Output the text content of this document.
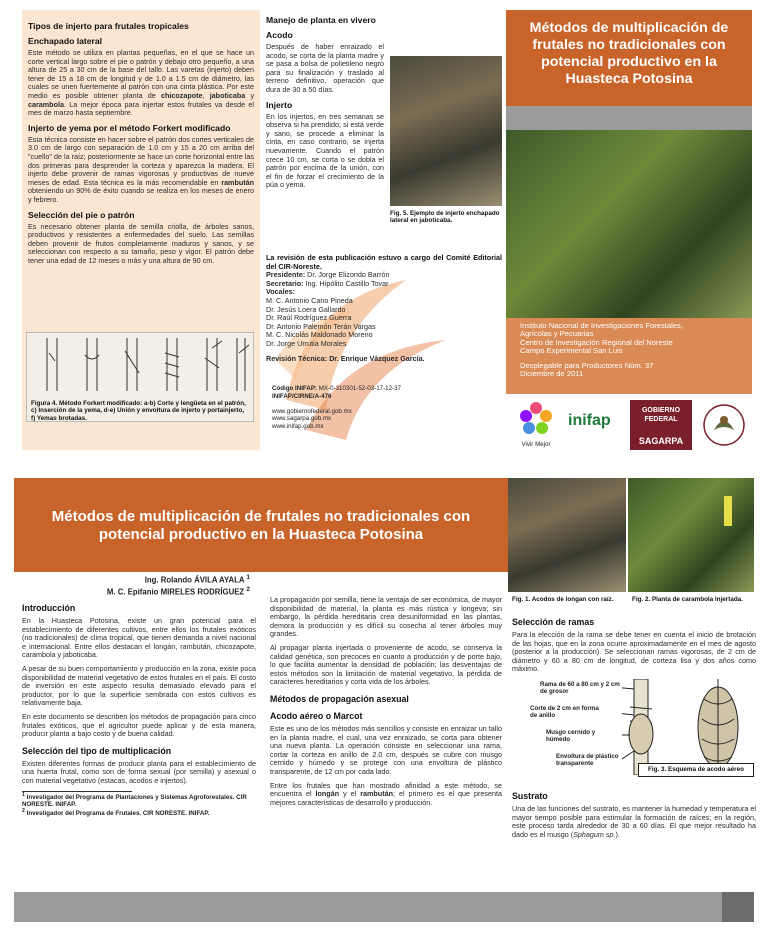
Tipos de injerto para frutales tropicales
Enchapado lateral

Este método se utiliza en plantas pequeñas, en el que se hace un corte vertical largo sobre el pie o patrón y debajo otro pequeño, a una altura de 25 a 30 cm de la base del tallo. Las varetas (injerto) deben tener de 15 a 18 cm de longitud y de 1.0 a 1.5 cm de diámetro, las cuales se unen fuertemente al patrón con una cinta plástica. Por este medio es posible obtener planta de chicozapote, jaboticaba y carambola. La mejor época para injertar estos frutales va desde el mes de marzo hasta septiembre.

Injerto de yema por el método Forkert modificado

Esta técnica consiste en hacer sobre el patrón dos cortes verticales de 3.0 cm de largo con separación de 1.0 cm y 15 a 20 cm arriba del "cuello" de la raíz; posteriormente se hace un corte horizontal entre las dos primeras para desprender la corteza y aparezca la madera. El injerto debe provenir de ramas vigorosas y productivas de nueve meses de edad. Esta técnica es la más recomendable en rambután obteniendo un 90% de éxito cuando se realiza en los meses de enero y febrero.

Selección del pie o patrón

Es necesario obtener planta de semilla criolla, de árboles sanos, productivos y resistentes a enfermedades del suelo. Las semillas deben provenir de frutos completamente maduros y sanos, y se seleccionan con respecto a su tamaño, peso y vigor. El patrón debe tener una edad de 12 meses o más y una altura de 90 cm.

Figura 4. Método Forkert modificado: a-b) Corte y lengüeta en el patrón, c) Inserción de la yema, d-e) Unión y envoltura de injerto y portainjerto, f) Yemas brotadas.

Manejo de planta en vivero
Acodo

Después de haber enraizado el acodo, se corta de la planta madre y se pasa a bolsa de polietileno negro para su finalización y traslado al terreno definitivo, operación que dura de 30 a 50 días.

Injerto

En los injertos, en tres semanas se observa si ha prendido; si está verde y sano, se procede a eliminar la cinta, en caso contrario, se injerta nuevamente. Cuando el patrón crece 10 cm, se corta o se dobla el patrón por encima de la unión, con el fin de forzar el crecimiento de la púa o yema.

Fig. 5. Ejemplo de injerto enchapado lateral en jaboticaba.

La revisión de esta publicación estuvo a cargo del Comité Editorial del CIR-Noreste.

Presidente: Dr. Jorge Elizondo Barrón

Secretario: Ing. Hipólito Castillo Tovar

Vocales:

M. C. Antonio Cano Pineda

Dr. Jesús Loera Gallardo

Dr. Raúl Rodríguez Guerra

Dr. Antonio Palemón Terán Vargas

M. C. Nicolás Maldonado Moreno

Dr. Jorge Urrutia Morales

Revisión Técnica: Dr. Enrique Vázquez García.

Código INIFAP: MX-0-310301-52-03-17-12-37

INIFAP/CIRNE/A-476

www.gobiernofederal.gob.mx

www.sagarpa.gob.mx

www.inifap.gob.mx

Métodos de multiplicación de frutales no tradicionales con potencial productivo en la Huasteca Potosina

Instituto Nacional de Investigaciones Forestales,

Agrícolas y Pecuarias

Centro de Investigación Regional del Noreste

Campo Experimental San Luis

Desplegable para Productores Núm. 37

Diciembre de 2011

Vivir Mejor

inifap

GOBIERNO FEDERAL

SAGARPA

Métodos de multiplicación de frutales no tradicionales con potencial productivo en la Huasteca Potosina

Fig. 1. Acodos de longan con raíz.	Fig. 2. Planta de carambola injertada.

Ing. Rolando ÁVILA AYALA $^1$

M. C. Epifanio MIRELES RODRÍGUEZ $^2$

Introducción

En la Huasteca Potosina, existe un gran potencial para el establecimiento de diferentes cultivos, entre ellos los frutales exóticos (no tradicionales) de clima tropical, que tienen demanda a nivel nacional e internacional. Entre ellos destacan el longán, rambután, chicozapote, carambola y jaboticaba.

A pesar de su buen comportamiento y producción en la zona, existe poca disponibilidad de material vegetativo de estos frutales en el país. El costo de inversión en este aspecto resulta demasiado elevado para el productor, por lo que la superficie sembrada con estos cultivos es relativamente baja.

En este documento se describen los métodos de propagación para cinco frutales exóticos, que el agricultor puede aplicar y de esta manera, producir planta a bajo costo y de buena calidad.

Selección del tipo de multiplicación

Existen diferentes formas de producir planta para el establecimiento de una huerta frutal, como son de forma sexual (por semilla) y asexual o con material vegetativo (estacas, acodos e injertos).

$^1$ Investigador del Programa de Plantaciones y Sistemas Agroforestales. CIR NORESTE. INIFAP.

$^2$ Investigador del Programa de Frutales. CIR NORESTE. INIFAP.

La propagación por semilla, tiene la ventaja de ser económica, de mayor disponibilidad de material, la planta es más rústica y longeva; sin embargo, la pérdida hereditaria crea desuniformidad en las plantas, demora la producción y es difícil su cosecha al tener árboles muy grandes.

Al propagar planta injertada o proveniente de acodo, se conserva la calidad genética, son precoces en cuanto a producción y de porte bajo, lo que facilita aumentar la densidad de población; las desventajas de estos métodos son la limitación de material vegetativo, la pérdida de caracteres hereditarios y corta vida de los árboles.

Métodos de propagación asexual
Acodo aéreo o Marcot

Este es uno de los métodos más sencillos y consiste en enraizar un tallo en la planta madre, el cual, una vez enraizado, se corta para obtener una nueva planta. La operación consiste en seleccionar una rama, cortar la corteza en anillo de 2.0 cm, después se cubre con musgo cernido y húmedo y se protege con una envoltura de plástico transparente, de 12 cm por cada lado.

Entre los frutales que han mostrado afinidad a este método, se encuentra el longán y el rambután; el primero es el que presenta mejores características de desarrollo y producción.

Selección de ramas

Para la elección de la rama se debe tener en cuenta el inicio de brotación de las hojas, que en la zona ocurre aproximadamente en el mes de agosto (posterior a la producción). Se seleccionan ramas vigorosas, de 2 cm de diámetro y 60 a 80 cm de longitud, de corteza lisa y dos años como máximo.

Rama de 60 a 80 cm y 2 cm de grosor

Corte de 2 cm en forma de anillo

Musgo cernido y húmedo

Envoltura de plástico transparente

Fig. 3. Esquema de acodo aéreo

Sustrato

Una de las funciones del sustrato, es mantener la humedad y temperatura el mayor tiempo posible para estimular la formación de raíces; en la región, este proceso tarda alrededor de 30 a 60 días. El que mejor resultado ha dado es el musgo (Sphagum sp.).
